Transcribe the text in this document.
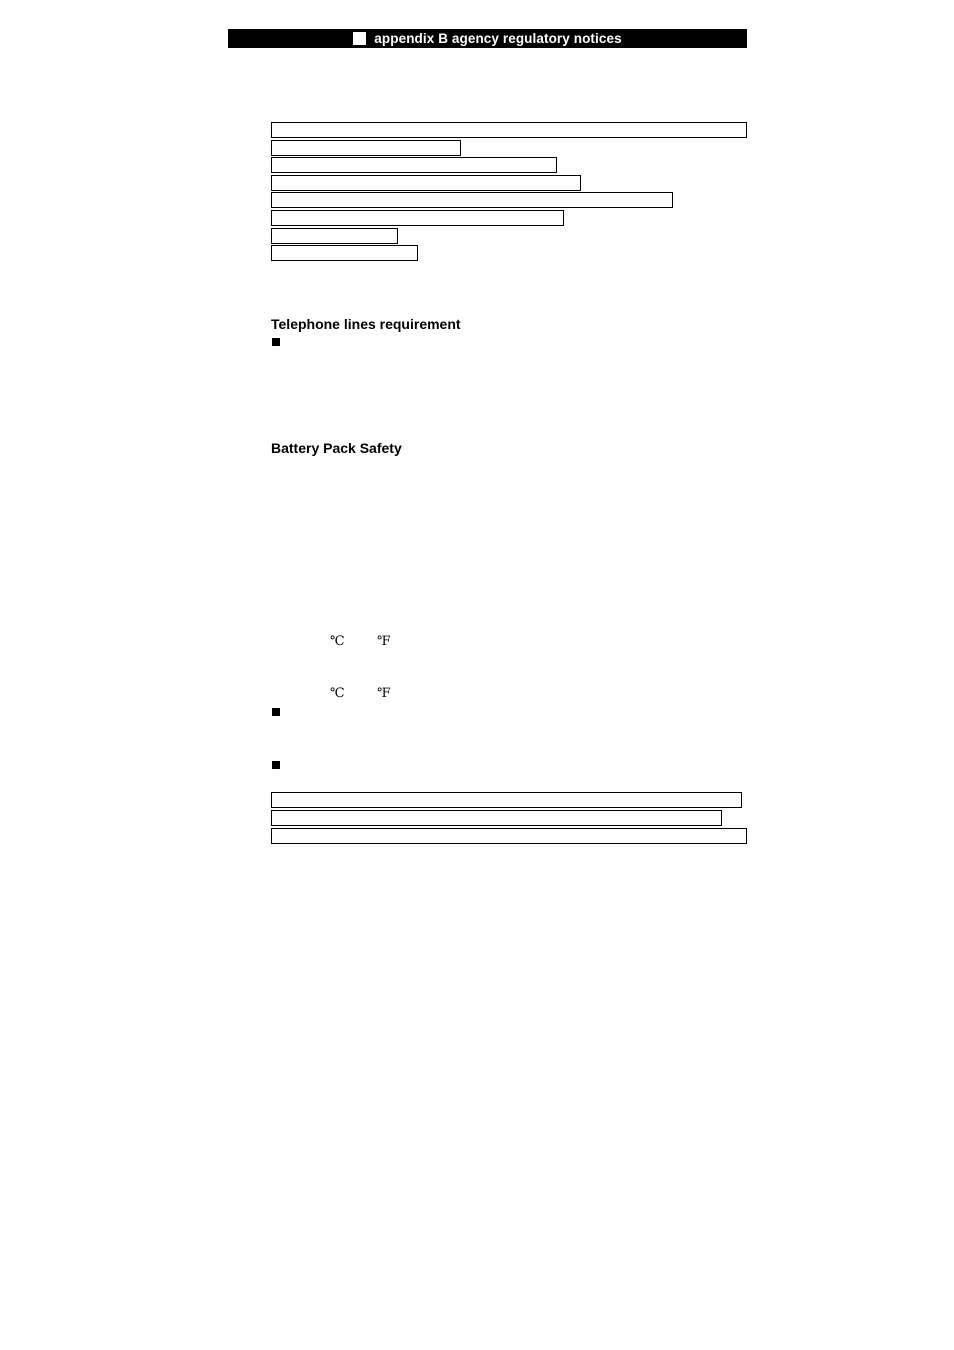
appendix B agency regulatory notices
Telephone lines requirement
Battery Pack Safety
℃ ℉
℃ ℉
